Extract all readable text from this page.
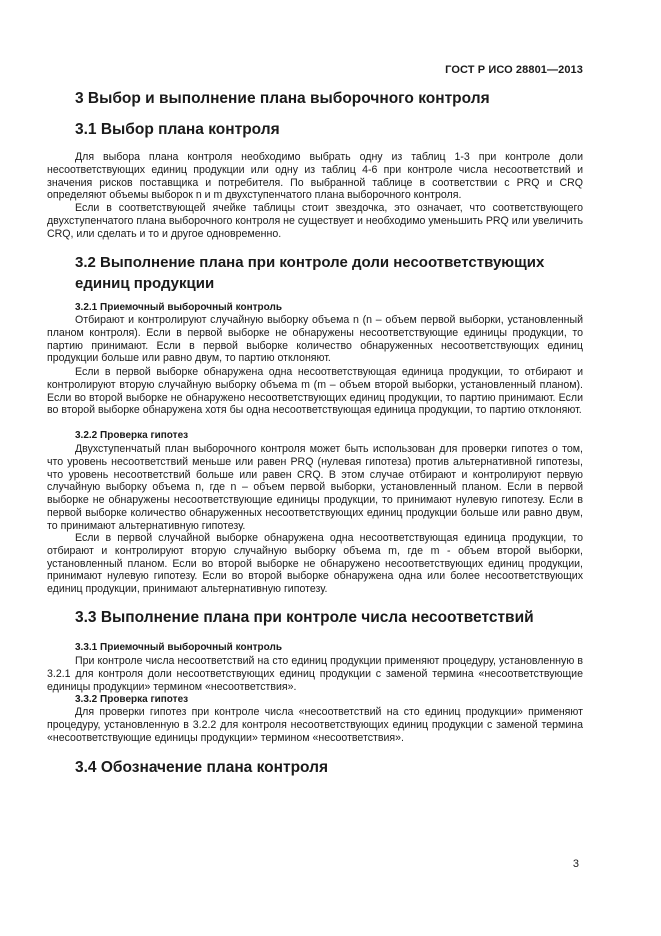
ГОСТ Р ИСО 28801—2013
3 Выбор и выполнение плана выборочного контроля
3.1 Выбор плана контроля

Для выбора плана контроля необходимо выбрать одну из таблиц 1-3 при контроле доли несоответствующих единиц продукции или одну из таблиц 4-6 при контроле числа несоответствий и значения рисков поставщика и потребителя. По выбранной таблице в соответствии с PRQ и CRQ определяют объемы выборок n и m двухступенчатого плана выборочного контроля.

Если в соответствующей ячейке таблицы стоит звездочка, это означает, что соответствующего двухступенчатого плана выборочного контроля не существует и необходимо уменьшить PRQ или увеличить CRQ, или сделать и то и другое одновременно.

3.2 Выполнение плана при контроле доли несоответствующих единиц продукции
3.2.1 Приемочный выборочный контроль

Отбирают и контролируют случайную выборку объема n (n – объем первой выборки, установленный планом контроля). Если в первой выборке не обнаружены несоответствующие единицы продукции, то партию принимают. Если в первой выборке количество обнаруженных несоответствующих единиц продукции больше или равно двум, то партию отклоняют.

Если в первой выборке обнаружена одна несоответствующая единица продукции, то отбирают и контролируют вторую случайную выборку объема m (m – объем второй выборки, установленный планом). Если во второй выборке не обнаружено несоответствующих единиц продукции, то партию принимают. Если во второй выборке обнаружена хотя бы одна несоответствующая единица продукции, то партию отклоняют.

3.2.2 Проверка гипотез

Двухступенчатый план выборочного контроля может быть использован для проверки гипотез о том, что уровень несоответствий меньше или равен PRQ (нулевая гипотеза) против альтернативной гипотезы, что уровень несоответствий больше или равен CRQ. В этом случае отбирают и контролируют первую случайную выборку объема n, где n – объем первой выборки, установленный планом. Если в первой выборке не обнаружены несоответствующие единицы продукции, то принимают нулевую гипотезу. Если в первой выборке количество обнаруженных несоответствующих единиц продукции больше или равно двум, то принимают альтернативную гипотезу.

Если в первой случайной выборке обнаружена одна несоответствующая единица продукции, то отбирают и контролируют вторую случайную выборку объема m, где m - объем второй выборки, установленный планом. Если во второй выборке не обнаружено несоответствующих единиц продукции, принимают нулевую гипотезу. Если во второй выборке обнаружена одна или более несоответствующих единиц продукции, принимают альтернативную гипотезу.

3.3 Выполнение плана при контроле числа несоответствий
3.3.1 Приемочный выборочный контроль

При контроле числа несоответствий на сто единиц продукции применяют процедуру, установленную в 3.2.1 для контроля доли несоответствующих единиц продукции с заменой термина «несоответствующие единицы продукции» термином «несоответствия».

3.3.2 Проверка гипотез

Для проверки гипотез при контроле числа «несоответствий на сто единиц продукции» применяют процедуру, установленную в 3.2.2 для контроля несоответствующих единиц продукции с заменой термина «несоответствующие единицы продукции» термином «несоответствия».

3.4 Обозначение плана контроля
3
